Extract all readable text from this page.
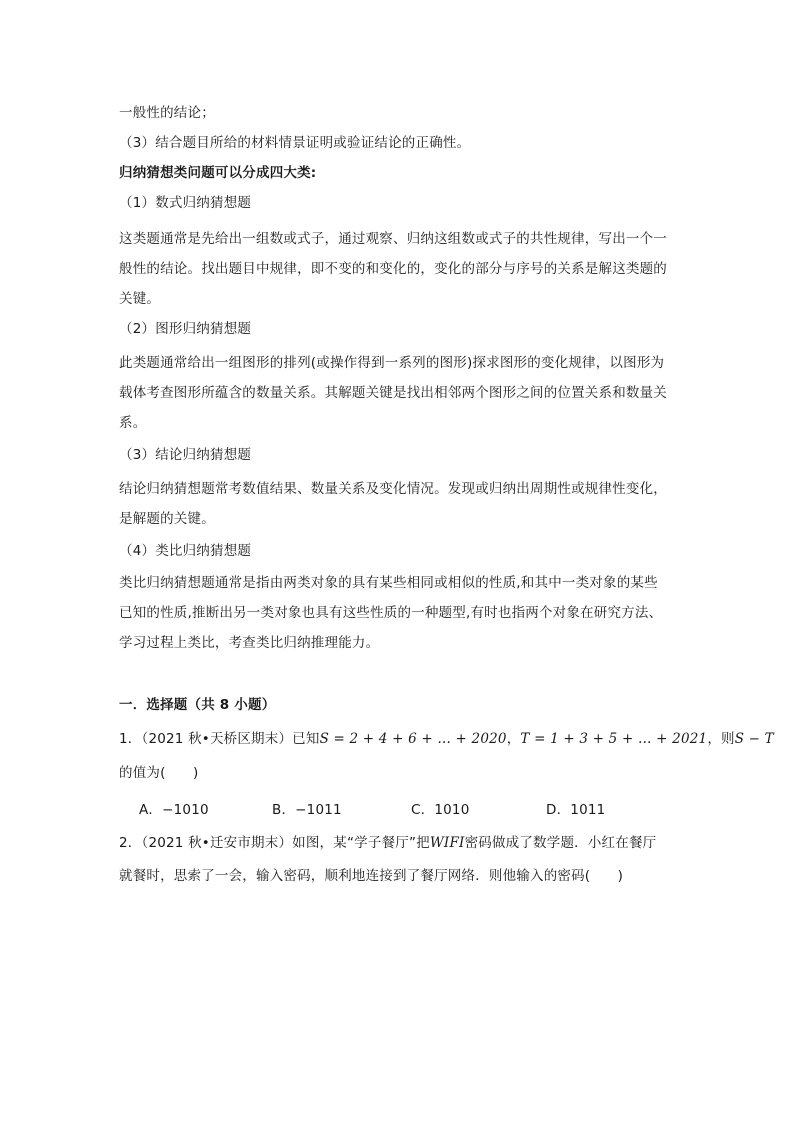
一般性的结论；
（3）结合题目所给的材料情景证明或验证结论的正确性。
归纳猜想类问题可以分成四大类:
（1）数式归纳猜想题
这类题通常是先给出一组数或式子，通过观察、归纳这组数或式子的共性规律，写出一个一
般性的结论。找出题目中规律，即不变的和变化的，变化的部分与序号的关系是解这类题的
关键。
（2）图形归纳猜想题
此类题通常给出一组图形的排列(或操作得到一系列的图形)探求图形的变化规律，以图形为
载体考查图形所蕴含的数量关系。其解题关键是找出相邻两个图形之间的位置关系和数量关
系。
（3）结论归纳猜想题
结论归纳猜想题常考数值结果、数量关系及变化情况。发现或归纳出周期性或规律性变化，
是解题的关键。
（4）类比归纳猜想题
类比归纳猜想题通常是指由两类对象的具有某些相同或相似的性质,和其中一类对象的某些
已知的性质,推断出另一类对象也具有这些性质的一种题型,有时也指两个对象在研究方法、
学习过程上类比，考查类比归纳推理能力。
一．选择题（共 8 小题）
1．（2021 秋•天桥区期末）已知S = 2 + 4 + 6 + … + 2020，T = 1 + 3 + 5 + … + 2021，则S − T
的值为(　　)
A．−1010	B．−1011	C．1010	D．1011
2．（2021 秋•迁安市期末）如图，某“学子餐厅”把WIFI密码做成了数学题．小红在餐厅
就餐时，思索了一会，输入密码，顺利地连接到了餐厅网络．则他输入的密码(　　)
